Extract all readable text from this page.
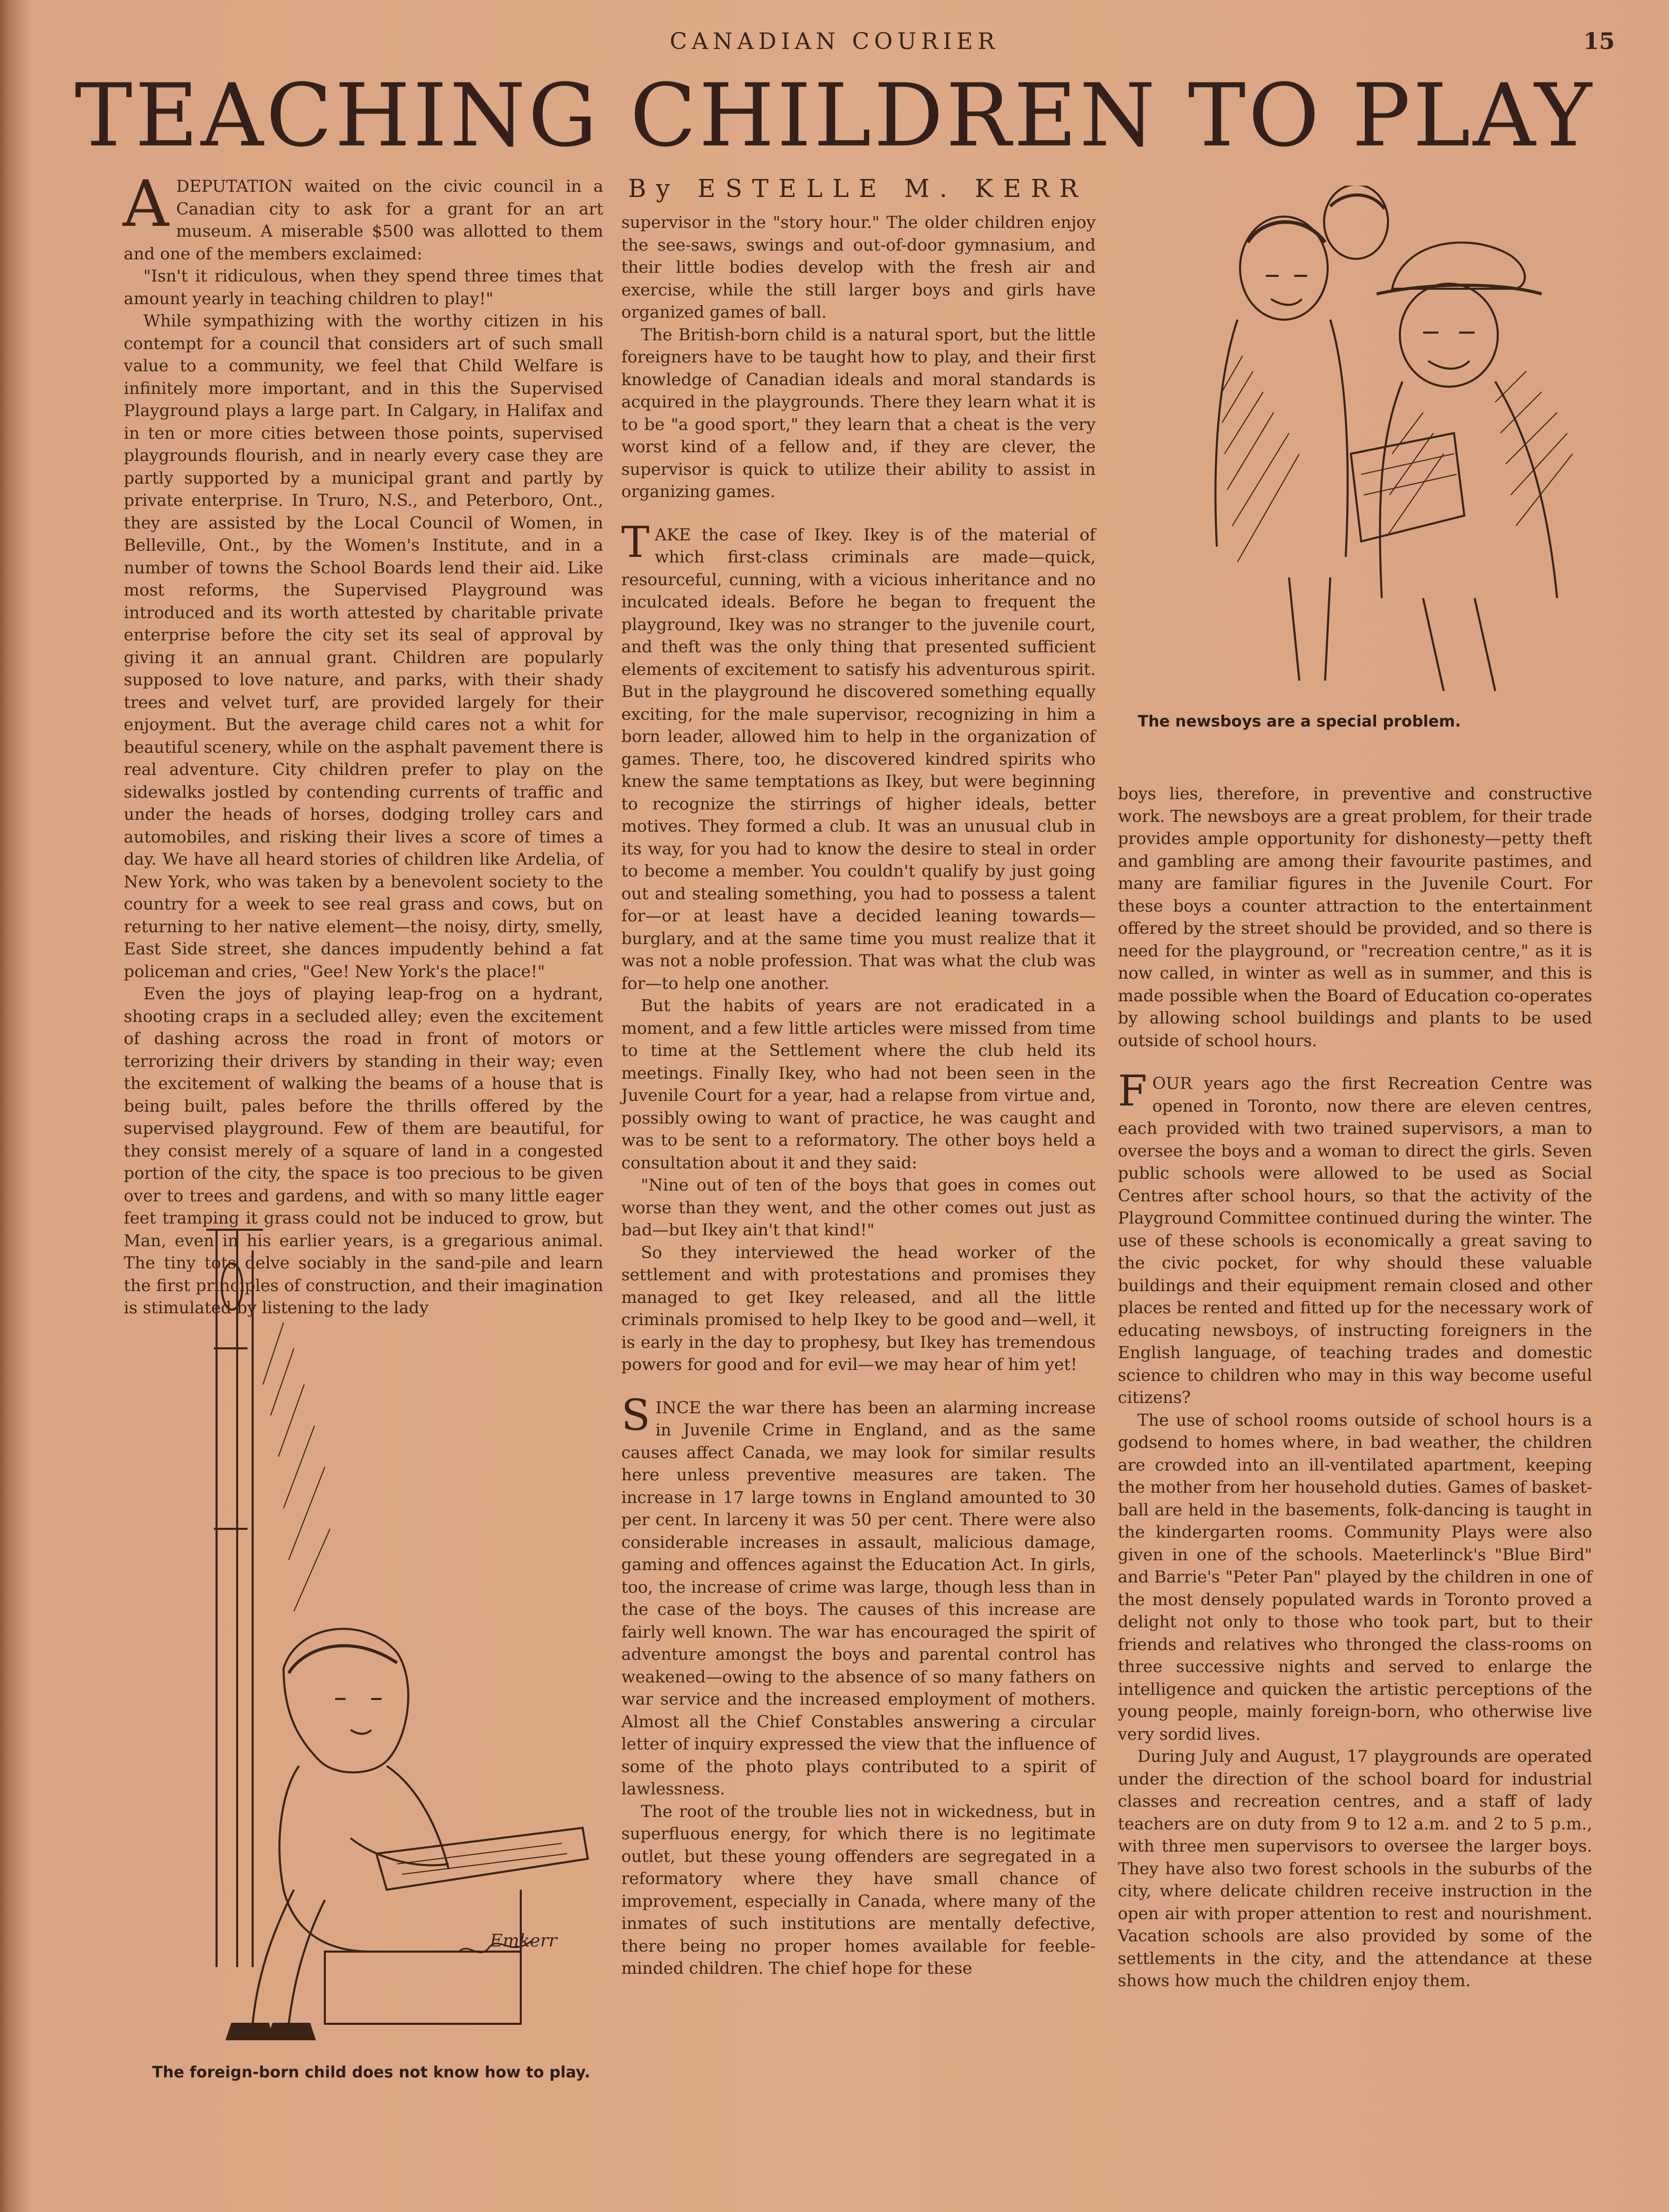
CANADIAN COURIER	15
TEACHING CHILDREN TO PLAY
By ESTELLE M. KERR

A DEPUTATION waited on the civic council in a Canadian city to ask for a grant for an art museum. A miserable $500 was allotted to them and one of the members exclaimed:

"Isn't it ridiculous, when they spend three times that amount yearly in teaching children to play!"

While sympathizing with the worthy citizen in his contempt for a council that considers art of such small value to a community, we feel that Child Welfare is infinitely more important, and in this the Supervised Playground plays a large part. In Calgary, in Halifax and in ten or more cities between those points, supervised playgrounds flourish, and in nearly every case they are partly supported by a municipal grant and partly by private enterprise. In Truro, N.S., and Peterboro, Ont., they are assisted by the Local Council of Women, in Belleville, Ont., by the Women's Institute, and in a number of towns the School Boards lend their aid. Like most reforms, the Supervised Playground was introduced and its worth attested by charitable private enterprise before the city set its seal of approval by giving it an annual grant. Children are popularly supposed to love nature, and parks, with their shady trees and velvet turf, are provided largely for their enjoyment. But the average child cares not a whit for beautiful scenery, while on the asphalt pavement there is real adventure. City children prefer to play on the sidewalks jostled by contending currents of traffic and under the heads of horses, dodging trolley cars and automobiles, and risking their lives a score of times a day. We have all heard stories of children like Ardelia, of New York, who was taken by a benevolent society to the country for a week to see real grass and cows, but on returning to her native element—the noisy, dirty, smelly, East Side street, she dances impudently behind a fat policeman and cries, "Gee! New York's the place!"

Even the joys of playing leap-frog on a hydrant, shooting craps in a secluded alley; even the excitement of dashing across the road in front of motors or terrorizing their drivers by standing in their way; even the excitement of walking the beams of a house that is being built, pales before the thrills offered by the supervised playground. Few of them are beautiful, for they consist merely of a square of land in a congested portion of the city, the space is too precious to be given over to trees and gardens, and with so many little eager feet tramping it grass could not be induced to grow, but Man, even in his earlier years, is a gregarious animal. The tiny tots delve sociably in the sand-pile and learn the first principles of construction, and their imagination is stimulated by listening to the lady

Emkerr
The foreign-born child does not know how to play.

supervisor in the "story hour." The older children enjoy the see-saws, swings and out-of-door gymnasium, and their little bodies develop with the fresh air and exercise, while the still larger boys and girls have organized games of ball.

The British-born child is a natural sport, but the little foreigners have to be taught how to play, and their first knowledge of Canadian ideals and moral standards is acquired in the playgrounds. There they learn what it is to be "a good sport," they learn that a cheat is the very worst kind of a fellow and, if they are clever, the supervisor is quick to utilize their ability to assist in organizing games.

T AKE the case of Ikey. Ikey is of the material of which first-class criminals are made—quick, resourceful, cunning, with a vicious inheritance and no inculcated ideals. Before he began to frequent the playground, Ikey was no stranger to the juvenile court, and theft was the only thing that presented sufficient elements of excitement to satisfy his adventurous spirit. But in the playground he discovered something equally exciting, for the male supervisor, recognizing in him a born leader, allowed him to help in the organization of games. There, too, he discovered kindred spirits who knew the same temptations as Ikey, but were beginning to recognize the stirrings of higher ideals, better motives. They formed a club. It was an unusual club in its way, for you had to know the desire to steal in order to become a member. You couldn't qualify by just going out and stealing something, you had to possess a talent for—or at least have a decided leaning towards—burglary, and at the same time you must realize that it was not a noble profession. That was what the club was for—to help one another.

But the habits of years are not eradicated in a moment, and a few little articles were missed from time to time at the Settlement where the club held its meetings. Finally Ikey, who had not been seen in the Juvenile Court for a year, had a relapse from virtue and, possibly owing to want of practice, he was caught and was to be sent to a reformatory. The other boys held a consultation about it and they said:

"Nine out of ten of the boys that goes in comes out worse than they went, and the other comes out just as bad—but Ikey ain't that kind!"

So they interviewed the head worker of the settlement and with protestations and promises they managed to get Ikey released, and all the little criminals promised to help Ikey to be good and—well, it is early in the day to prophesy, but Ikey has tremendous powers for good and for evil—we may hear of him yet!

S INCE the war there has been an alarming increase in Juvenile Crime in England, and as the same causes affect Canada, we may look for similar results here unless preventive measures are taken. The increase in 17 large towns in England amounted to 30 per cent. In larceny it was 50 per cent. There were also considerable increases in assault, malicious damage, gaming and offences against the Education Act. In girls, too, the increase of crime was large, though less than in the case of the boys. The causes of this increase are fairly well known. The war has encouraged the spirit of adventure amongst the boys and parental control has weakened—owing to the absence of so many fathers on war service and the increased employment of mothers. Almost all the Chief Constables answering a circular letter of inquiry expressed the view that the influence of some of the photo plays contributed to a spirit of lawlessness.

The root of the trouble lies not in wickedness, but in superfluous energy, for which there is no legitimate outlet, but these young offenders are segregated in a reformatory where they have small chance of improvement, especially in Canada, where many of the inmates of such institutions are mentally defective, there being no proper homes available for feeble-minded children. The chief hope for these

The newsboys are a special problem.

boys lies, therefore, in preventive and constructive work. The newsboys are a great problem, for their trade provides ample opportunity for dishonesty—petty theft and gambling are among their favourite pastimes, and many are familiar figures in the Juvenile Court. For these boys a counter attraction to the entertainment offered by the street should be provided, and so there is need for the playground, or "recreation centre," as it is now called, in winter as well as in summer, and this is made possible when the Board of Education co-operates by allowing school buildings and plants to be used outside of school hours.

F OUR years ago the first Recreation Centre was opened in Toronto, now there are eleven centres, each provided with two trained supervisors, a man to oversee the boys and a woman to direct the girls. Seven public schools were allowed to be used as Social Centres after school hours, so that the activity of the Playground Committee continued during the winter. The use of these schools is economically a great saving to the civic pocket, for why should these valuable buildings and their equipment remain closed and other places be rented and fitted up for the necessary work of educating newsboys, of instructing foreigners in the English language, of teaching trades and domestic science to children who may in this way become useful citizens?

The use of school rooms outside of school hours is a godsend to homes where, in bad weather, the children are crowded into an ill-ventilated apartment, keeping the mother from her household duties. Games of basket-ball are held in the basements, folk-dancing is taught in the kindergarten rooms. Community Plays were also given in one of the schools. Maeterlinck's "Blue Bird" and Barrie's "Peter Pan" played by the children in one of the most densely populated wards in Toronto proved a delight not only to those who took part, but to their friends and relatives who thronged the class-rooms on three successive nights and served to enlarge the intelligence and quicken the artistic perceptions of the young people, mainly foreign-born, who otherwise live very sordid lives.

During July and August, 17 playgrounds are operated under the direction of the school board for industrial classes and recreation centres, and a staff of lady teachers are on duty from 9 to 12 a.m. and 2 to 5 p.m., with three men supervisors to oversee the larger boys. They have also two forest schools in the suburbs of the city, where delicate children receive instruction in the open air with proper attention to rest and nourishment. Vacation schools are also provided by some of the settlements in the city, and the attendance at these shows how much the children enjoy them.
